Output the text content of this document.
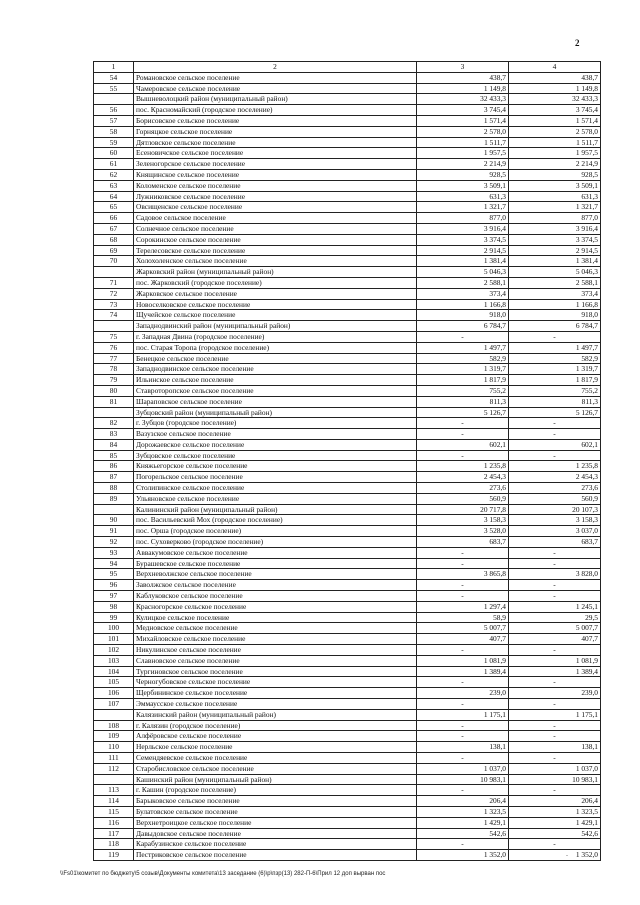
2
1	2	3	4
54	Романовское сельское поселение	438,7	438,7
55	Чамеровское сельское поселение	1 149,8	1 149,8
	Вышневолоцкий район (муниципальный район)	32 433,3	32 433,3
56	пос. Красномайский (городское поселение)	3 745,4	3 745,4
57	Борисовское сельское поселение	1 571,4	1 571,4
58	Горняцкое сельское поселение	2 578,0	2 578,0
59	Дятловское сельское поселение	1 511,7	1 511,7
60	Есеновичское сельское поселение	1 957,5	1 957,5
61	Зеленогорское сельское поселение	2 214,9	2 214,9
62	Княщинское сельское поселение	928,5	928,5
63	Коломенское сельское поселение	3 509,1	3 509,1
64	Лужниковское сельское поселение	631,3	631,3
65	Овсищенское сельское поселение	1 321,7	1 321,7
66	Садовое сельское поселение	877,0	877,0
67	Солнечное сельское поселение	3 916,4	3 916,4
68	Сорокинское сельское поселение	3 374,5	3 374,5
69	Терелесовское сельское поселение	2 914,5	2 914,5
70	Холохоленское сельское поселение	1 381,4	1 381,4
	Жарковский район (муниципальный район)	5 046,3	5 046,3
71	пос. Жарковский (городское поселение)	2 588,1	2 588,1
72	Жарковское сельское поселение	373,4	373,4
73	Новоселковское сельское поселение	1 166,8	1 166,8
74	Щучейское сельское поселение	918,0	918,0
	Западнодвинский район (муниципальный район)	6 784,7	6 784,7
75	г. Западная Двина (городское поселение)	-	-
76	пос. Старая Торопа (городское поселение)	1 497,7	1 497,7
77	Бенецкое сельское поселение	582,9	582,9
78	Западнодвинское сельское поселение	1 319,7	1 319,7
79	Ильинское сельское поселение	1 817,9	1 817,9
80	Ставроторопское сельское поселение	755,2	755,2
81	Шараповское сельское поселение	811,3	811,3
	Зубцовский район (муниципальный район)	5 126,7	5 126,7
82	г. Зубцов (городское поселение)	-	-
83	Вазузское сельское поселение	-	-
84	Дорожаевское сельское поселение	602,1	602,1
85	Зубцовское сельское поселение	-	-
86	Княжьегорское сельское поселение	1 235,8	1 235,8
87	Погорельское сельское поселение	2 454,3	2 454,3
88	Столипинское сельское поселение	273,6	273,6
89	Ульяновское сельское поселение	560,9	560,9
	Калининский район (муниципальный район)	20 717,8	20 107,3
90	пос. Васильевский Мох (городское поселение)	3 158,3	3 158,3
91	пос. Орша (городское поселение)	3 528,0	3 037,0
92	пос. Суховерково (городское поселение)	683,7	683,7
93	Аввакумовское сельское поселение	-	-
94	Бурашевское сельское поселение	-	-
95	Верхневолжское сельское поселение	3 865,8	3 828,0
96	Заволжское сельское поселение	-	-
97	Каблуковское сельское поселение	-	-
98	Красногорское сельское поселение	1 297,4	1 245,1
99	Кулицкое сельское поселение	58,9	29,5
100	Медновское сельское поселение	5 007,7	5 007,7
101	Михайловское сельское поселение	407,7	407,7
102	Никулинское сельское поселение	-	-
103	Славновское сельское поселение	1 081,9	1 081,9
104	Тургиновское сельское поселение	1 389,4	1 389,4
105	Черногубовское сельское поселение	-	-
106	Щербининское сельское поселение	239,0	239,0
107	Эммаусское сельское поселение	-	-
	Калязинский район (муниципальный район)	1 175,1	1 175,1
108	г. Калязин (городское поселение)	-	-
109	Алфёровское сельское поселение	-	-
110	Нерльское сельское поселение	138,1	138,1
111	Семендяевское сельское поселение	-	-
112	Старобисловское сельское поселение	1 037,0	1 037,0
	Кашинский район (муниципальный район)	10 983,1	10 983,1
113	г. Кашин (городское поселение)	-	-
114	Барыковское сельское поселение	206,4	206,4
115	Булатовское сельское поселение	1 323,5	1 323,5
116	Верхнетроицкое сельское поселение	1 429,1	1 429,1
117	Давыдовское сельское поселение	542,6	542,6
118	Карабузинское сельское поселение	-	-
119	Пестриковское сельское поселение	1 352,0	1 352,0
-
\\Fs01\комитет по бюджету\5 созыв\Документы комитета\13 заседание (6)\р\пзр(13) 282-П-6\Прил 12 доп вырван пос
